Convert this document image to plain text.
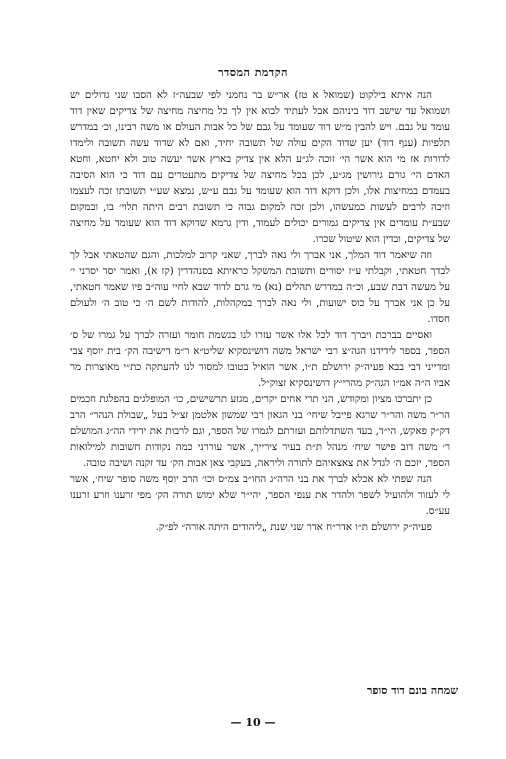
הקדמת המסדר

הנה איתא בילקוט (שמואל א טז) אר״ש בר נחמני לפי שבעה״ז לא הסבו שני גדולים יש ושמואל עד שישב דוד ביניהם אבל לעתיד לבוא אין לך כל מחיצה מחיצה של צדיקים שאין דוד עומד על גבם. ויש להבין מ״ש דוד שעומד על גבם של כל אבות העולם או משה רבינו, וכ׳ במדרש תלפיות (ענף דוד) יען שדוד הקים עולה של תשובה יחיד, ואם לא שדוד עשה תשובה ולימדו לדורות אז מי הוא אשר הי׳ זוכה לג״ע הלא אין צדיק בארץ אשר יעשה טוב ולא יחטא, וחטא האדם הי׳ גורם גירושין מג״ע, לכן בכל מחיצה של צדיקים מתעטרים עם דוד כי הוא הסיבה בעמדם במחיצות אלו, ולכן דוקא דוד הוא שעומד על גבם ע״ש, נמצא שע״י תשובתו זכה לעצמו וזיכה לרבים לעשות כמעשהו, ולכן זכה למקום גבוה כי תשובת רבים היתה תלוי׳ בו, ובמקום שבע״ת עומדים אין צדיקים גמורים יכולים לעמוד, ודין גרמא שדוקא דוד הוא שעומד על מחיצה של צדיקים, ובדין הוא שיטול שכרו.

וזה שיאמר דוד המלך, אני אברך ולי נאה לברך, שאני קרוב למלכות, והגם שהטאתי אבל לך לבדך חטאתי, וקבלתי ע״ז יסורים ותשובת המשקל כראיתא בסנהדרין (קז א), ואמר יסר יסרני י׳ על מעשה דבת שבע, וכ״ה במדרש תהלים (נא) מי גרם לדוד שבא לחיי עוה״ב פיו שאמר חטאתי, על כן אני אברך על כוס ישועות, ולי נאה לברך במקהלות, להודות לשם ה׳ כי טוב ה׳ ולעולם חסדו.

ואסיים בברכת ויברך דוד לכל אלו אשר עזרו לנו בגשמת חומר ועזרה לברך על גמרו של ס׳ הספר, בספר לידידנו הגה״צ רבי ישראל משה דושינסקיא שליט״א ר״מ דישיבה הק׳ בית יוסף צבי ומדייני דבי בבא פעיה״ק ירושלם ת״ו, אשר הואיל בטובו למסור לנו להעתקה כת״י מאוצרות מר אביו ה״ה אמ״ו הגה״ק מהרי״ץ דושינסקיא זצוק״ל.

כן יתברכו מציון ומקודש, הני תרי אחים יקרים, מגזע תרשישים, כו׳ המופלגים בהפלגת חכמים הר״ר משה והר״ר שרגא פייבל שיחי׳ בני הגאון רבי שמשון אלטמן זצ״ל בעל „שבולת הנהר״ הרב דק״ק פאקש, הי״ד, בעד השתדלותם ועזרתם לגמרו של הספר, וגם לרבות את ידידי הה״ג המושלם ר׳ משה דוב פישר שיח׳ מנהל ת״ת בעיר צירייך, אשר עוררני כמה נקודות חשובות למילואות הספר, יזכם ה׳ לגדל את צאצאיהם לתורה וליראה, בעקבי צאן אבות הק׳ עד זקנה ושיבה טובה.

הנה שפתי לא אכלא לברך את בני הרה״ג החו״ב צמ״ס וכו׳ הרב יוסף משה סופר שיח׳, אשר לי לעזור ולהועיל לשפר ולהדר את ענפי הספר, יהי״ר שלא ימוש תורה הק׳ מפי זרענו וזרע זרענו עע״ס.

פעיה״ק ירושלם ת״ו אדר״ח אדר שני שנת „ליהודים היתה אורה״ לפ״ק.

שמחה בונם דוד סופר
— 10 —
